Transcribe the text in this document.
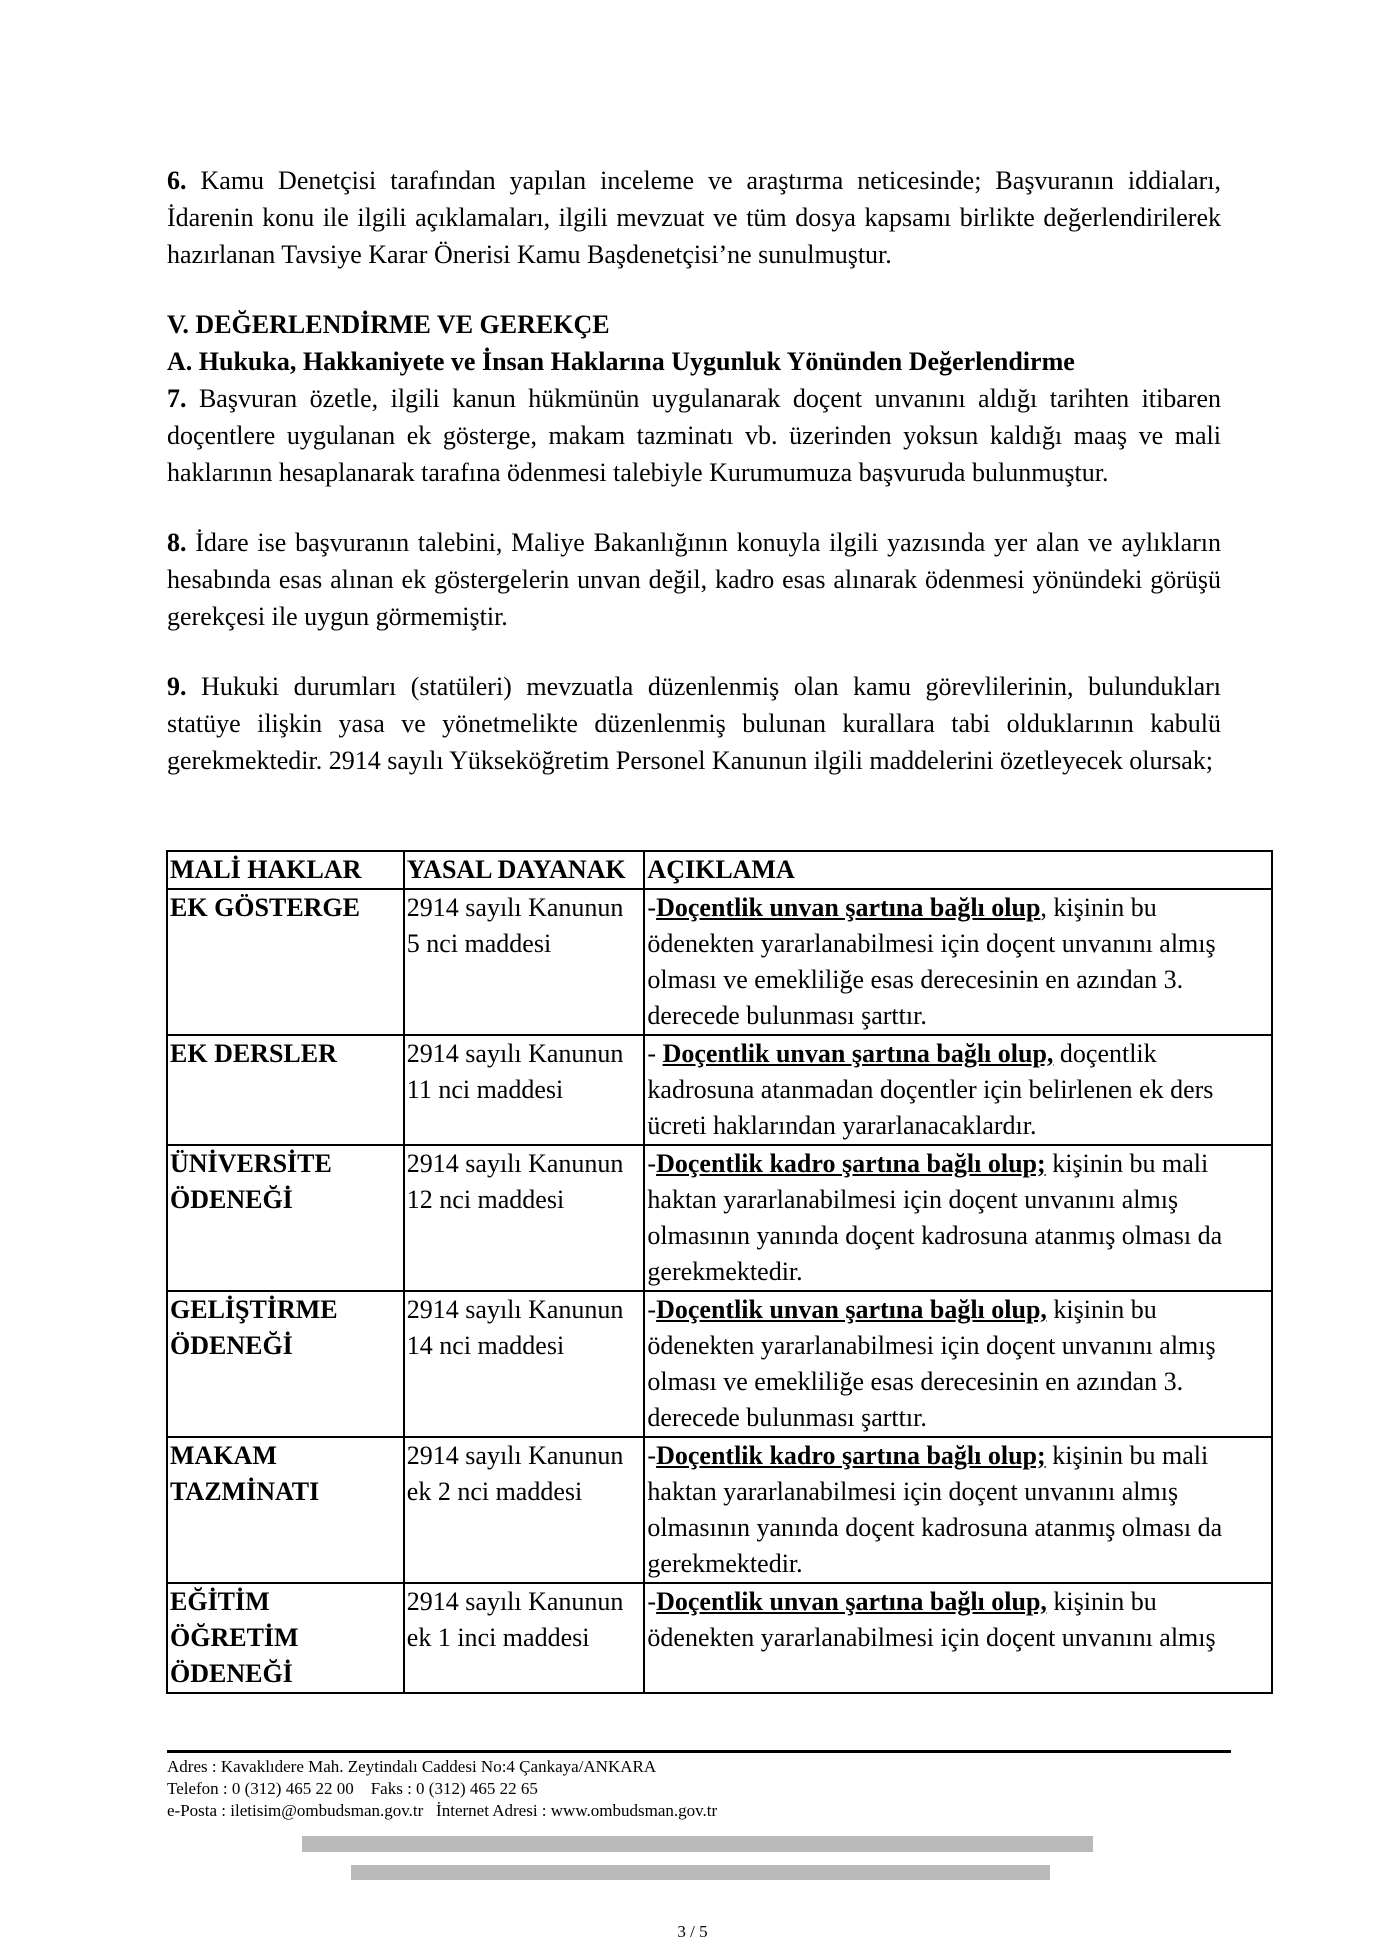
6. Kamu Denetçisi tarafından yapılan inceleme ve araştırma neticesinde; Başvuranın iddiaları, İdarenin konu ile ilgili açıklamaları, ilgili mevzuat ve tüm dosya kapsamı birlikte değerlendirilerek hazırlanan Tavsiye Karar Önerisi Kamu Başdenetçisi’ne sunulmuştur.

V. DEĞERLENDİRME VE GEREKÇE

A. Hukuka, Hakkaniyete ve İnsan Haklarına Uygunluk Yönünden Değerlendirme

7. Başvuran özetle, ilgili kanun hükmünün uygulanarak doçent unvanını aldığı tarihten itibaren doçentlere uygulanan ek gösterge, makam tazminatı vb. üzerinden yoksun kaldığı maaş ve mali haklarının hesaplanarak tarafına ödenmesi talebiyle Kurumumuza başvuruda bulunmuştur.

8. İdare ise başvuranın talebini, Maliye Bakanlığının konuyla ilgili yazısında yer alan ve aylıkların hesabında esas alınan ek göstergelerin unvan değil, kadro esas alınarak ödenmesi yönündeki görüşü gerekçesi ile uygun görmemiştir.

9. Hukuki durumları (statüleri) mevzuatla düzenlenmiş olan kamu görevlilerinin, bulundukları statüye ilişkin yasa ve yönetmelikte düzenlenmiş bulunan kurallara tabi olduklarının kabulü gerekmektedir. 2914 sayılı Yükseköğretim Personel Kanunun ilgili maddelerini özetleyecek olursak;

MALİ HAKLAR	YASAL DAYANAK	AÇIKLAMA
EK GÖSTERGE	2914 sayılı Kanunun 5 nci maddesi	-Doçentlik unvan şartına bağlı olup, kişinin bu ödenekten yararlanabilmesi için doçent unvanını almış olması ve emekliliğe esas derecesinin en azından 3. derecede bulunması şarttır.
EK DERSLER	2914 sayılı Kanunun 11 nci maddesi	- Doçentlik unvan şartına bağlı olup, doçentlik kadrosuna atanmadan doçentler için belirlenen ek ders ücreti haklarından yararlanacaklardır.
ÜNİVERSİTE ÖDENEĞİ	2914 sayılı Kanunun 12 nci maddesi	-Doçentlik kadro şartına bağlı olup; kişinin bu mali haktan yararlanabilmesi için doçent unvanını almış olmasının yanında doçent kadrosuna atanmış olması da gerekmektedir.
GELİŞTİRME ÖDENEĞİ	2914 sayılı Kanunun 14 nci maddesi	-Doçentlik unvan şartına bağlı olup, kişinin bu ödenekten yararlanabilmesi için doçent unvanını almış olması ve emekliliğe esas derecesinin en azından 3. derecede bulunması şarttır.
MAKAM TAZMİNATI	2914 sayılı Kanunun ek 2 nci maddesi	-Doçentlik kadro şartına bağlı olup; kişinin bu mali haktan yararlanabilmesi için doçent unvanını almış olmasının yanında doçent kadrosuna atanmış olması da gerekmektedir.
EĞİTİM ÖĞRETİM ÖDENEĞİ	2914 sayılı Kanunun ek 1 inci maddesi	-Doçentlik unvan şartına bağlı olup, kişinin bu ödenekten yararlanabilmesi için doçent unvanını almış
Adres : Kavaklıdere Mah. Zeytindalı Caddesi No:4 Çankaya/ANKARA
Telefon : 0 (312) 465 22 00    Faks : 0 (312) 465 22 65
e-Posta : iletisim@ombudsman.gov.tr   İnternet Adresi : www.ombudsman.gov.tr
3 / 5
